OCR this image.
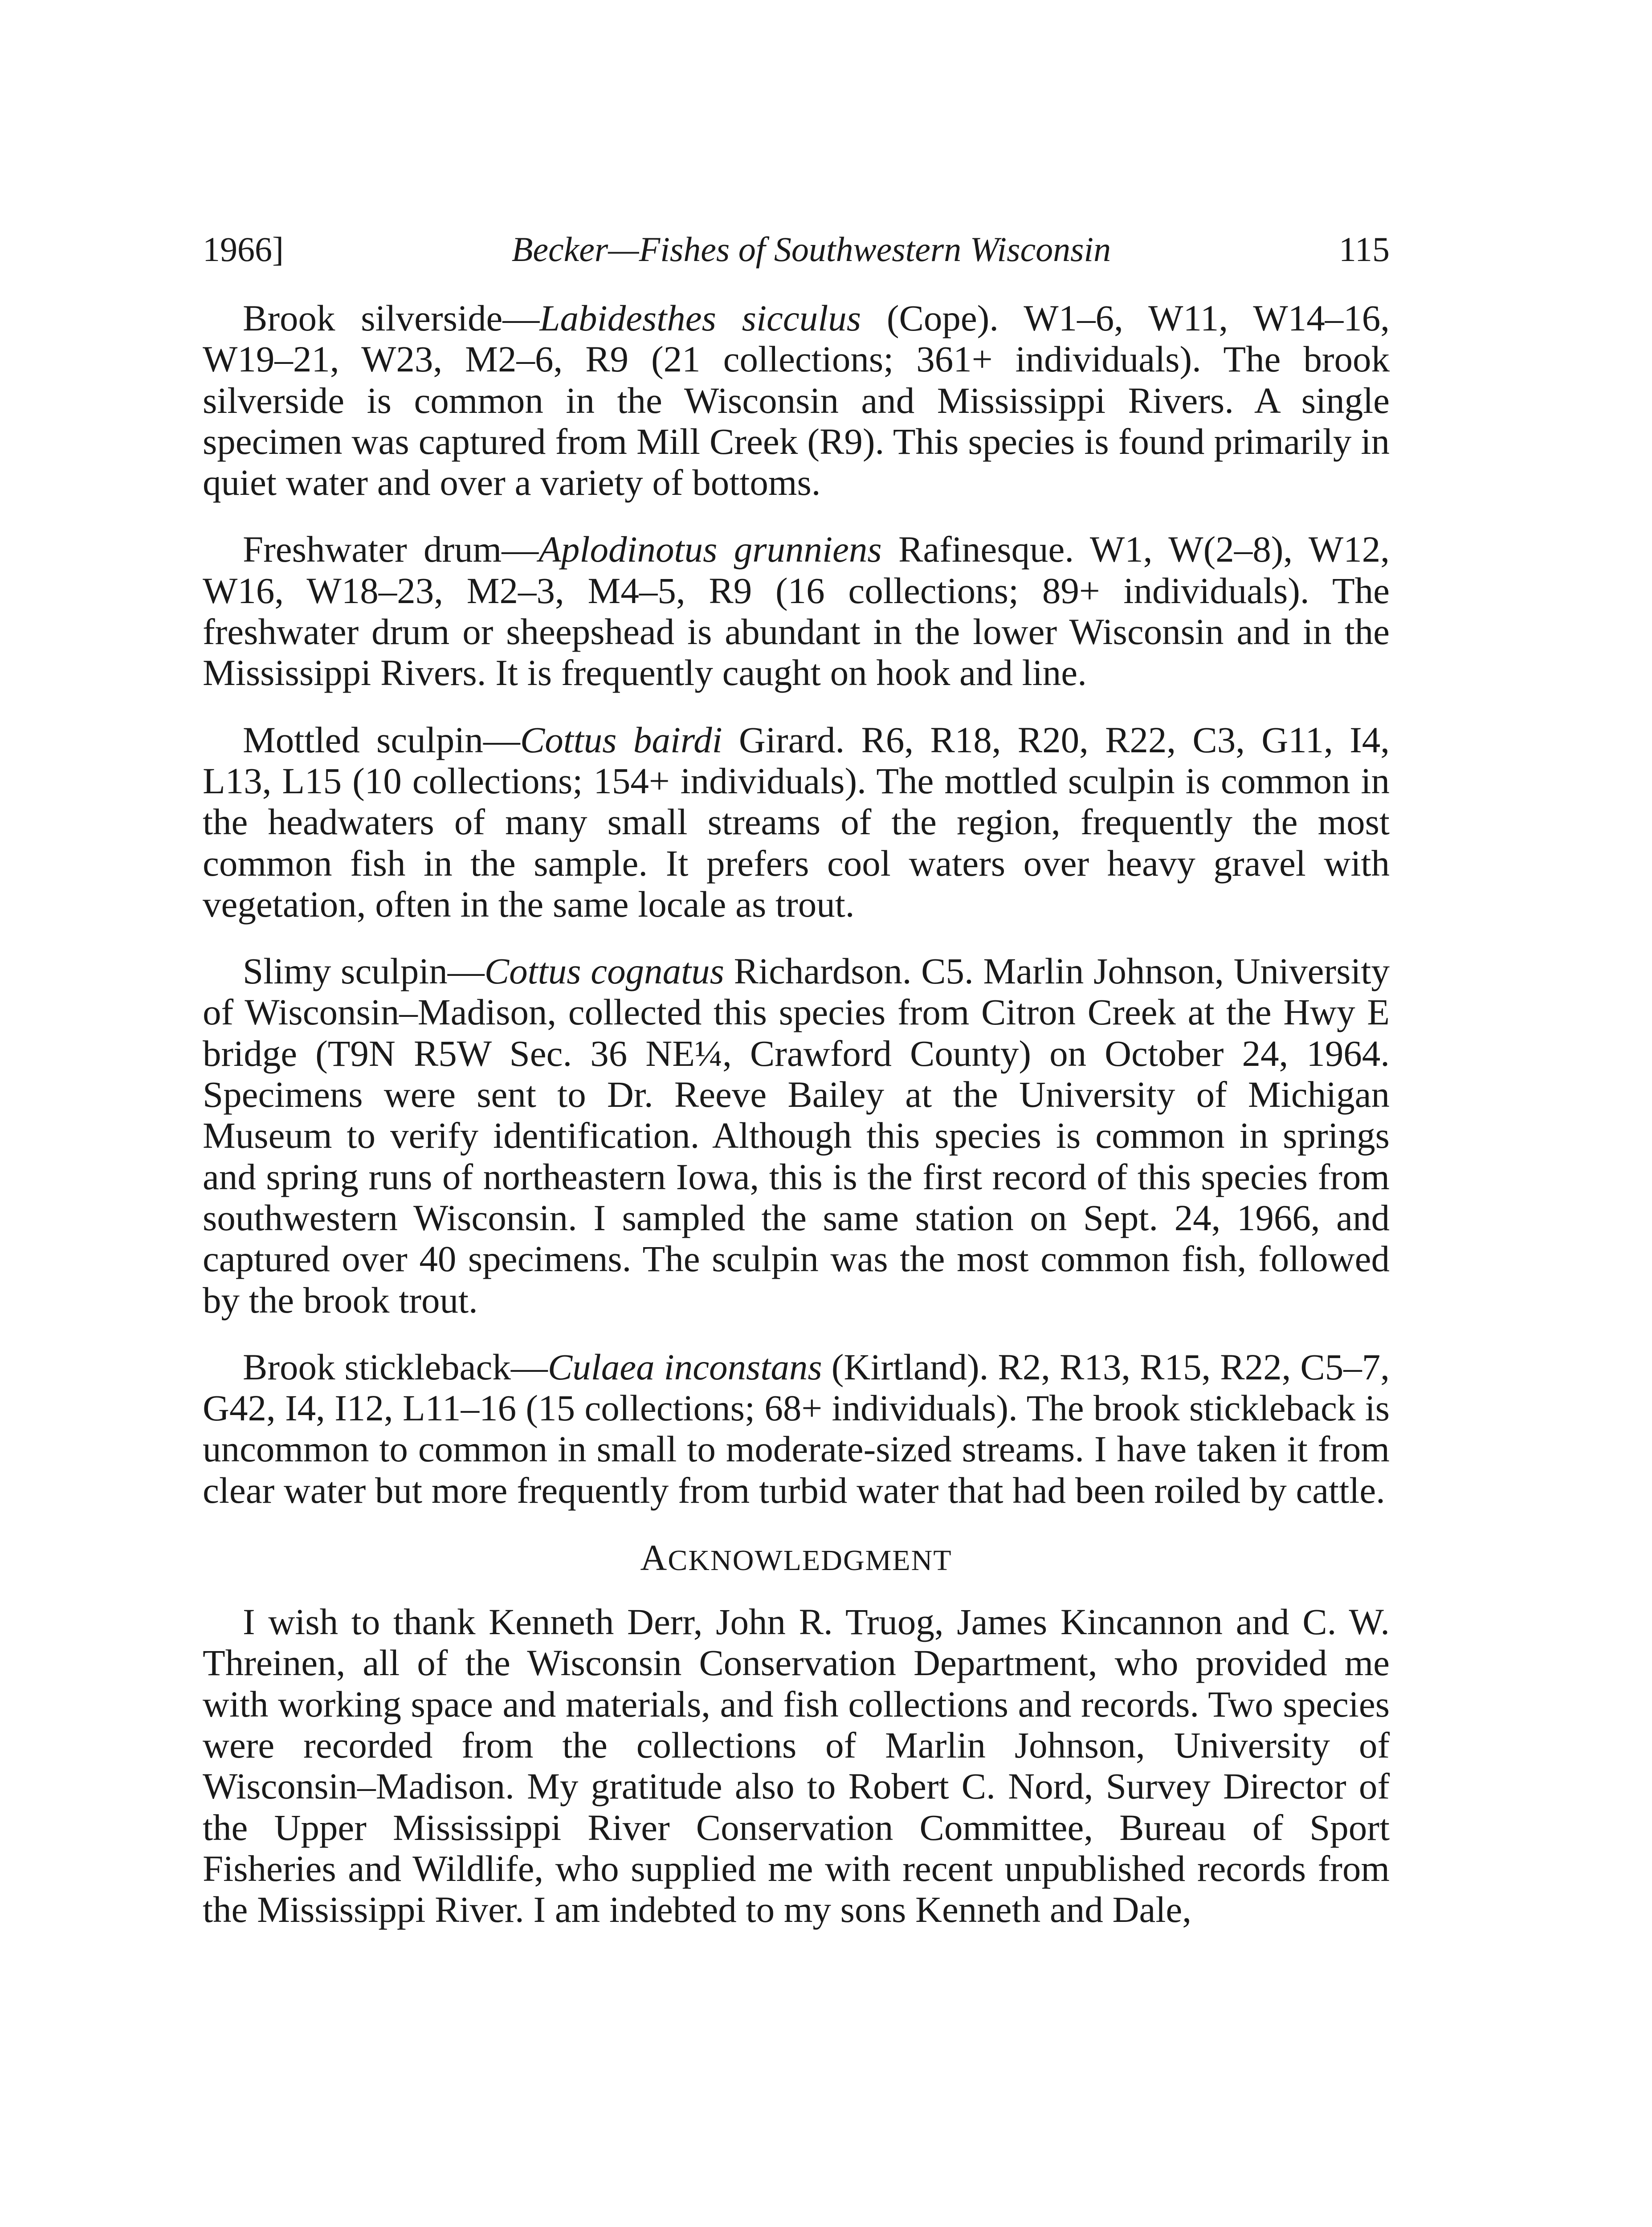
1966]	Becker—Fishes of Southwestern Wisconsin	115

Brook silverside—Labidesthes sicculus (Cope). W1–6, W11, W14–16, W19–21, W23, M2–6, R9 (21 collections; 361+ individuals). The brook silverside is common in the Wisconsin and Mississippi Rivers. A single specimen was captured from Mill Creek (R9). This species is found primarily in quiet water and over a variety of bottoms.

Freshwater drum—Aplodinotus grunniens Rafinesque. W1, W(2–8), W12, W16, W18–23, M2–3, M4–5, R9 (16 collections; 89+ individuals). The freshwater drum or sheepshead is abundant in the lower Wisconsin and in the Mississippi Rivers. It is frequently caught on hook and line.

Mottled sculpin—Cottus bairdi Girard. R6, R18, R20, R22, C3, G11, I4, L13, L15 (10 collections; 154+ individuals). The mottled sculpin is common in the headwaters of many small streams of the region, frequently the most common fish in the sample. It prefers cool waters over heavy gravel with vegetation, often in the same locale as trout.

Slimy sculpin—Cottus cognatus Richardson. C5. Marlin Johnson, University of Wisconsin–Madison, collected this species from Citron Creek at the Hwy E bridge (T9N R5W Sec. 36 NE¼, Crawford County) on October 24, 1964. Specimens were sent to Dr. Reeve Bailey at the University of Michigan Museum to verify identification. Although this species is common in springs and spring runs of northeastern Iowa, this is the first record of this species from southwestern Wisconsin. I sampled the same station on Sept. 24, 1966, and captured over 40 specimens. The sculpin was the most common fish, followed by the brook trout.

Brook stickleback—Culaea inconstans (Kirtland). R2, R13, R15, R22, C5–7, G42, I4, I12, L11–16 (15 collections; 68+ individuals). The brook stickleback is uncommon to common in small to moderate-sized streams. I have taken it from clear water but more frequently from turbid water that had been roiled by cattle.

ACKNOWLEDGMENT

I wish to thank Kenneth Derr, John R. Truog, James Kincannon and C. W. Threinen, all of the Wisconsin Conservation Department, who provided me with working space and materials, and fish collections and records. Two species were recorded from the collections of Marlin Johnson, University of Wisconsin–Madison. My gratitude also to Robert C. Nord, Survey Director of the Upper Mississippi River Conservation Committee, Bureau of Sport Fisheries and Wildlife, who supplied me with recent unpublished records from the Mississippi River. I am indebted to my sons Kenneth and Dale,
